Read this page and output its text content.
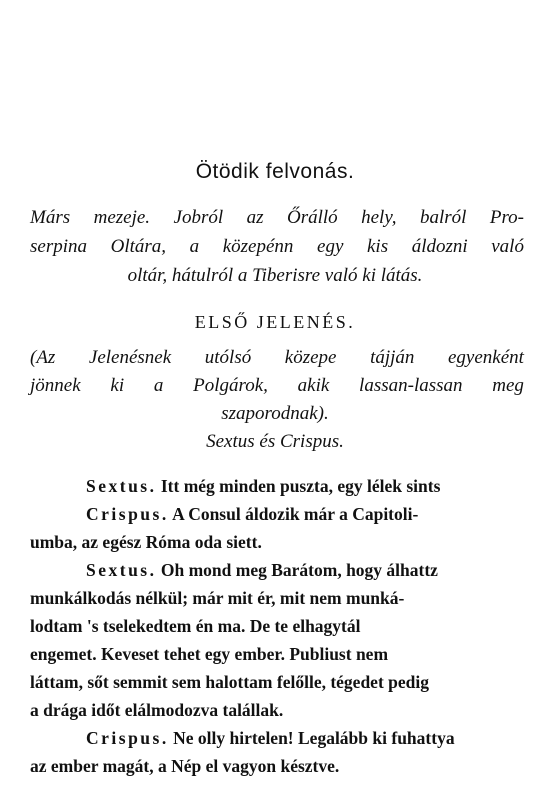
Ötödik felvonás.
Márs mezeje. Jobról az Őrálló hely, balról Pro-
serpina Oltára, a közepénn egy kis áldozni való
oltár, hátulról a Tiberisre való ki látás.
ELSŐ JELENÉS.
(Az Jelenésnek utólsó közepe tájján egyenként
jönnek ki a Polgárok, akik lassan-lassan meg
szaporodnak).
Sextus és Crispus.
Sextus. Itt még minden puszta, egy lélek sints
Crispus. A Consul áldozik már a Capitoli-
umba, az egész Róma oda siett.
Sextus. Oh mond meg Barátom, hogy álhattz
munkálkodás nélkül; már mit ér, mit nem munká-
lodtam 's tselekedtem én ma. De te elhagytál
engemet. Keveset tehet egy ember. Publiust nem
láttam, sőt semmit sem halottam felőlle, tégedet pedig
a drága időt elálmodozva talállak.
Crispus. Ne olly hirtelen! Legalább ki fuhattya
az ember magát, a Nép el vagyon késztve.
